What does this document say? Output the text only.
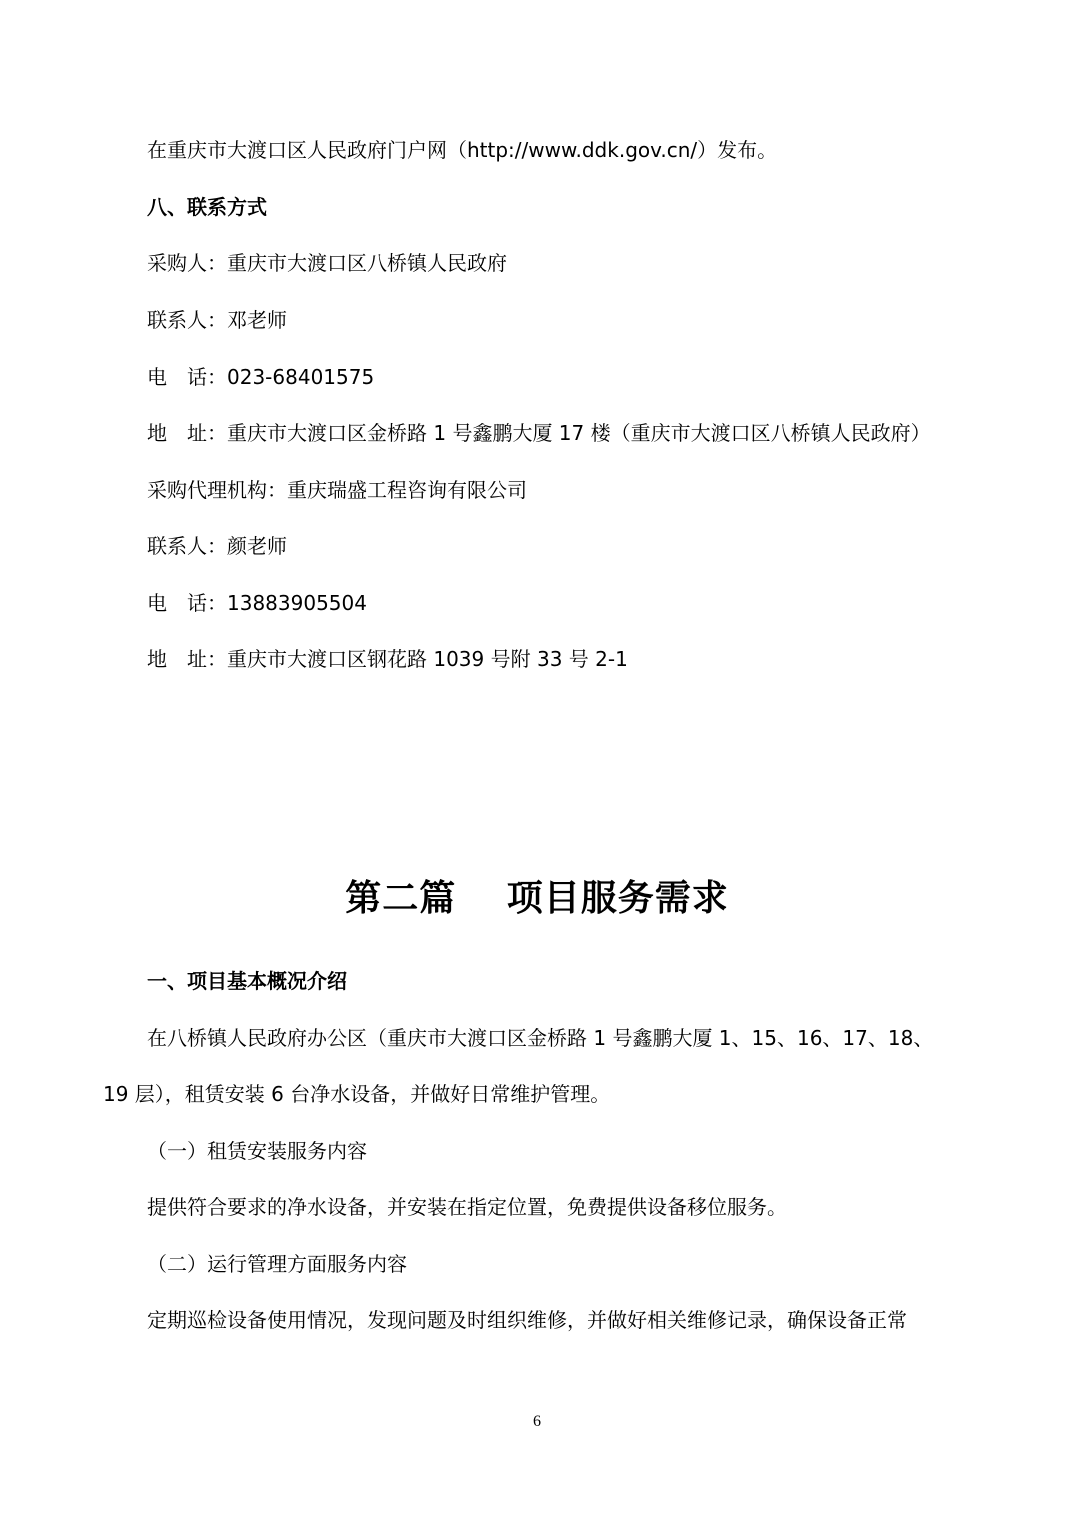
在重庆市大渡口区人民政府门户网（http://www.ddk.gov.cn/）发布。
八、联系方式
采购人：重庆市大渡口区八桥镇人民政府
联系人：邓老师
电　话：023-68401575
地　址：重庆市大渡口区金桥路 1 号鑫鹏大厦 17 楼（重庆市大渡口区八桥镇人民政府）
采购代理机构：重庆瑞盛工程咨询有限公司
联系人：颜老师
电　话：13883905504
地　址：重庆市大渡口区钢花路 1039 号附 33 号 2-1
第二篇　 项目服务需求
一、项目基本概况介绍
在八桥镇人民政府办公区（重庆市大渡口区金桥路 1 号鑫鹏大厦 1、15、16、17、18、
19 层），租赁安装 6 台净水设备，并做好日常维护管理。
（一）租赁安装服务内容
提供符合要求的净水设备，并安装在指定位置，免费提供设备移位服务。
（二）运行管理方面服务内容
定期巡检设备使用情况，发现问题及时组织维修，并做好相关维修记录，确保设备正常
6
